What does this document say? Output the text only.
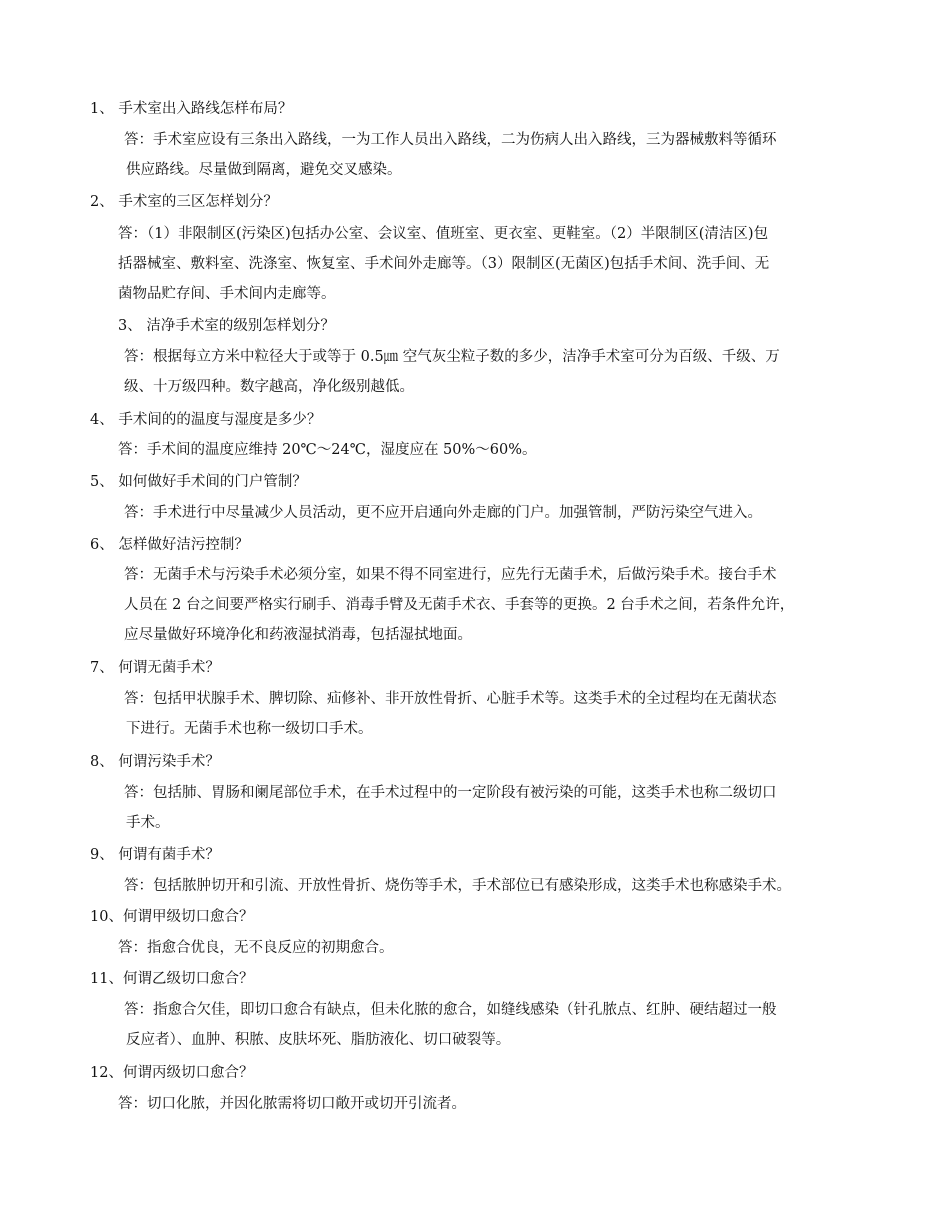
1、 手术室出入路线怎样布局？
答：手术室应设有三条出入路线，一为工作人员出入路线，二为伤病人出入路线，三为器械敷料等循环
供应路线。尽量做到隔离，避免交叉感染。
2、 手术室的三区怎样划分？
答：（1）非限制区(污染区)包括办公室、会议室、值班室、更衣室、更鞋室。（2）半限制区(清洁区)包
括器械室、敷料室、洗涤室、恢复室、手术间外走廊等。（3）限制区(无菌区)包括手术间、洗手间、无
菌物品贮存间、手术间内走廊等。
3、 洁净手术室的级别怎样划分？
答：根据每立方米中粒径大于或等于 0.5㎛ 空气灰尘粒子数的多少，洁净手术室可分为百级、千级、万
级、十万级四种。数字越高，净化级别越低。
4、 手术间的的温度与湿度是多少？
答：手术间的温度应维持 20℃～24℃，湿度应在 50%～60%。
5、 如何做好手术间的门户管制？
答：手术进行中尽量减少人员活动，更不应开启通向外走廊的门户。加强管制，严防污染空气进入。
6、 怎样做好洁污控制？
答：无菌手术与污染手术必须分室，如果不得不同室进行，应先行无菌手术，后做污染手术。接台手术
人员在 2 台之间要严格实行刷手、消毒手臂及无菌手术衣、手套等的更换。2 台手术之间，若条件允许，
应尽量做好环境净化和药液湿拭消毒，包括湿拭地面。
7、 何谓无菌手术？
答：包括甲状腺手术、脾切除、疝修补、非开放性骨折、心脏手术等。这类手术的全过程均在无菌状态
下进行。无菌手术也称一级切口手术。
8、 何谓污染手术？
答：包括肺、胃肠和阑尾部位手术，在手术过程中的一定阶段有被污染的可能，这类手术也称二级切口
手术。
9、 何谓有菌手术？
答：包括脓肿切开和引流、开放性骨折、烧伤等手术，手术部位已有感染形成，这类手术也称感染手术。
10、何谓甲级切口愈合？
答：指愈合优良，无不良反应的初期愈合。
11、何谓乙级切口愈合？
答：指愈合欠佳，即切口愈合有缺点，但未化脓的愈合，如缝线感染（针孔脓点、红肿、硬结超过一般
反应者）、血肿、积脓、皮肤坏死、脂肪液化、切口破裂等。
12、何谓丙级切口愈合？
答：切口化脓，并因化脓需将切口敞开或切开引流者。
